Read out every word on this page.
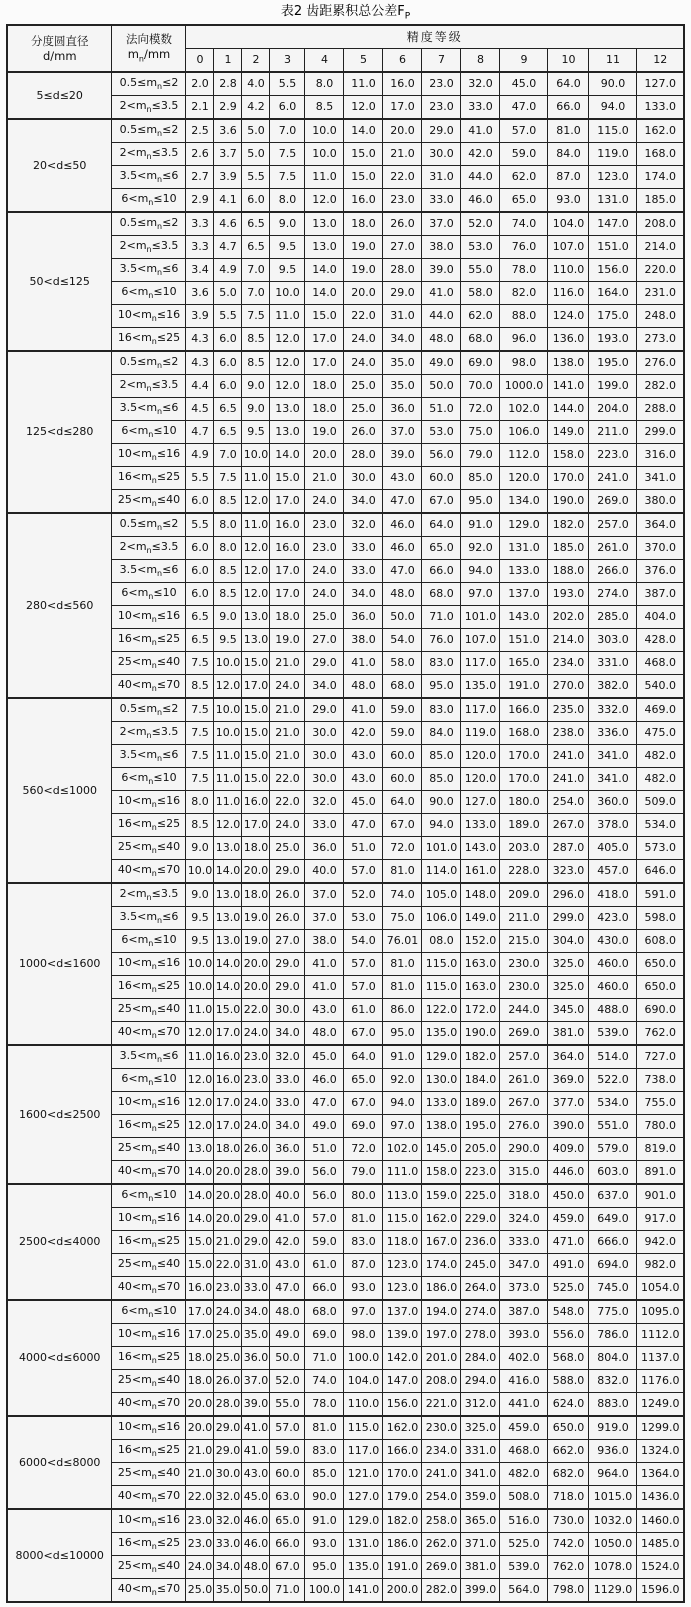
表2 齿距累积总公差$F_P$
分度圆直径
d/mm

法向模数
$m_n/mm$
	精度等级
		0	1	2	3	4	5	6	7	8	9	10	11	12
5≤d≤20	$0.5\le m_n\le 2$	2.0	2.8	4.0	5.5	8.0	11.0	16.0	23.0	32.0	45.0	64.0	90.0	127.0
	$2<m_n\le 3.5$	2.1	2.9	4.2	6.0	8.5	12.0	17.0	23.0	33.0	47.0	66.0	94.0	133.0
20<d≤50	$0.5\le m_n\le 2$	2.5	3.6	5.0	7.0	10.0	14.0	20.0	29.0	41.0	57.0	81.0	115.0	162.0
	$2<m_n\le 3.5$	2.6	3.7	5.0	7.5	10.0	15.0	21.0	30.0	42.0	59.0	84.0	119.0	168.0
	$3.5<m_n\le 6$	2.7	3.9	5.5	7.5	11.0	15.0	22.0	31.0	44.0	62.0	87.0	123.0	174.0
	$6<m_n\le 10$	2.9	4.1	6.0	8.0	12.0	16.0	23.0	33.0	46.0	65.0	93.0	131.0	185.0
50<d≤125	$0.5\le m_n\le 2$	3.3	4.6	6.5	9.0	13.0	18.0	26.0	37.0	52.0	74.0	104.0	147.0	208.0
	$2<m_n\le 3.5$	3.3	4.7	6.5	9.5	13.0	19.0	27.0	38.0	53.0	76.0	107.0	151.0	214.0
	$3.5<m_n\le 6$	3.4	4.9	7.0	9.5	14.0	19.0	28.0	39.0	55.0	78.0	110.0	156.0	220.0
	$6<m_n\le 10$	3.6	5.0	7.0	10.0	14.0	20.0	29.0	41.0	58.0	82.0	116.0	164.0	231.0
	$10<m_n\le 16$	3.9	5.5	7.5	11.0	15.0	22.0	31.0	44.0	62.0	88.0	124.0	175.0	248.0
	$16<m_n\le 25$	4.3	6.0	8.5	12.0	17.0	24.0	34.0	48.0	68.0	96.0	136.0	193.0	273.0
125<d≤280	$0.5\le m_n\le 2$	4.3	6.0	8.5	12.0	17.0	24.0	35.0	49.0	69.0	98.0	138.0	195.0	276.0
	$2<m_n\le 3.5$	4.4	6.0	9.0	12.0	18.0	25.0	35.0	50.0	70.0	1000.0	141.0	199.0	282.0
	$3.5<m_n\le 6$	4.5	6.5	9.0	13.0	18.0	25.0	36.0	51.0	72.0	102.0	144.0	204.0	288.0
	$6<m_n\le 10$	4.7	6.5	9.5	13.0	19.0	26.0	37.0	53.0	75.0	106.0	149.0	211.0	299.0
	$10<m_n\le 16$	4.9	7.0	10.0	14.0	20.0	28.0	39.0	56.0	79.0	112.0	158.0	223.0	316.0
	$16<m_n\le 25$	5.5	7.5	11.0	15.0	21.0	30.0	43.0	60.0	85.0	120.0	170.0	241.0	341.0
	$25<m_n\le 40$	6.0	8.5	12.0	17.0	24.0	34.0	47.0	67.0	95.0	134.0	190.0	269.0	380.0
280<d≤560	$0.5\le m_n\le 2$	5.5	8.0	11.0	16.0	23.0	32.0	46.0	64.0	91.0	129.0	182.0	257.0	364.0
	$2<m_n\le 3.5$	6.0	8.0	12.0	16.0	23.0	33.0	46.0	65.0	92.0	131.0	185.0	261.0	370.0
	$3.5<m_n\le 6$	6.0	8.5	12.0	17.0	24.0	33.0	47.0	66.0	94.0	133.0	188.0	266.0	376.0
	$6<m_n\le 10$	6.0	8.5	12.0	17.0	24.0	34.0	48.0	68.0	97.0	137.0	193.0	274.0	387.0
	$10<m_n\le 16$	6.5	9.0	13.0	18.0	25.0	36.0	50.0	71.0	101.0	143.0	202.0	285.0	404.0
	$16<m_n\le 25$	6.5	9.5	13.0	19.0	27.0	38.0	54.0	76.0	107.0	151.0	214.0	303.0	428.0
	$25<m_n\le 40$	7.5	10.0	15.0	21.0	29.0	41.0	58.0	83.0	117.0	165.0	234.0	331.0	468.0
	$40<m_n\le 70$	8.5	12.0	17.0	24.0	34.0	48.0	68.0	95.0	135.0	191.0	270.0	382.0	540.0
560<d≤1000	$0.5\le m_n\le 2$	7.5	10.0	15.0	21.0	29.0	41.0	59.0	83.0	117.0	166.0	235.0	332.0	469.0
	$2<m_n\le 3.5$	7.5	10.0	15.0	21.0	30.0	42.0	59.0	84.0	119.0	168.0	238.0	336.0	475.0
	$3.5<m_n\le 6$	7.5	11.0	15.0	21.0	30.0	43.0	60.0	85.0	120.0	170.0	241.0	341.0	482.0
	$6<m_n\le 10$	7.5	11.0	15.0	22.0	30.0	43.0	60.0	85.0	120.0	170.0	241.0	341.0	482.0
	$10<m_n\le 16$	8.0	11.0	16.0	22.0	32.0	45.0	64.0	90.0	127.0	180.0	254.0	360.0	509.0
	$16<m_n\le 25$	8.5	12.0	17.0	24.0	33.0	47.0	67.0	94.0	133.0	189.0	267.0	378.0	534.0
	$25<m_n\le 40$	9.0	13.0	18.0	25.0	36.0	51.0	72.0	101.0	143.0	203.0	287.0	405.0	573.0
	$40<m_n\le 70$	10.0	14.0	20.0	29.0	40.0	57.0	81.0	114.0	161.0	228.0	323.0	457.0	646.0
1000<d≤1600	$2<m_n\le 3.5$	9.0	13.0	18.0	26.0	37.0	52.0	74.0	105.0	148.0	209.0	296.0	418.0	591.0
	$3.5<m_n\le 6$	9.5	13.0	19.0	26.0	37.0	53.0	75.0	106.0	149.0	211.0	299.0	423.0	598.0
	$6<m_n\le 10$	9.5	13.0	19.0	27.0	38.0	54.0	76.01	08.0	152.0	215.0	304.0	430.0	608.0
	$10<m_n\le 16$	10.0	14.0	20.0	29.0	41.0	57.0	81.0	115.0	163.0	230.0	325.0	460.0	650.0
	$16<m_n\le 25$	10.0	14.0	20.0	29.0	41.0	57.0	81.0	115.0	163.0	230.0	325.0	460.0	650.0
	$25<m_n\le 40$	11.0	15.0	22.0	30.0	43.0	61.0	86.0	122.0	172.0	244.0	345.0	488.0	690.0
	$40<m_n\le 70$	12.0	17.0	24.0	34.0	48.0	67.0	95.0	135.0	190.0	269.0	381.0	539.0	762.0
1600<d≤2500	$3.5<m_n\le 6$	11.0	16.0	23.0	32.0	45.0	64.0	91.0	129.0	182.0	257.0	364.0	514.0	727.0
	$6<m_n\le 10$	12.0	16.0	23.0	33.0	46.0	65.0	92.0	130.0	184.0	261.0	369.0	522.0	738.0
	$10<m_n\le 16$	12.0	17.0	24.0	33.0	47.0	67.0	94.0	133.0	189.0	267.0	377.0	534.0	755.0
	$16<m_n\le 25$	12.0	17.0	24.0	34.0	49.0	69.0	97.0	138.0	195.0	276.0	390.0	551.0	780.0
	$25<m_n\le 40$	13.0	18.0	26.0	36.0	51.0	72.0	102.0	145.0	205.0	290.0	409.0	579.0	819.0
	$40<m_n\le 70$	14.0	20.0	28.0	39.0	56.0	79.0	111.0	158.0	223.0	315.0	446.0	603.0	891.0
2500<d≤4000	$6<m_n\le 10$	14.0	20.0	28.0	40.0	56.0	80.0	113.0	159.0	225.0	318.0	450.0	637.0	901.0
	$10<m_n\le 16$	14.0	20.0	29.0	41.0	57.0	81.0	115.0	162.0	229.0	324.0	459.0	649.0	917.0
	$16<m_n\le 25$	15.0	21.0	29.0	42.0	59.0	83.0	118.0	167.0	236.0	333.0	471.0	666.0	942.0
	$25<m_n\le 40$	15.0	22.0	31.0	43.0	61.0	87.0	123.0	174.0	245.0	347.0	491.0	694.0	982.0
	$40<m_n\le 70$	16.0	23.0	33.0	47.0	66.0	93.0	123.0	186.0	264.0	373.0	525.0	745.0	1054.0
4000<d≤6000	$6<m_n\le 10$	17.0	24.0	34.0	48.0	68.0	97.0	137.0	194.0	274.0	387.0	548.0	775.0	1095.0
	$10<m_n\le 16$	17.0	25.0	35.0	49.0	69.0	98.0	139.0	197.0	278.0	393.0	556.0	786.0	1112.0
	$16<m_n\le 25$	18.0	25.0	36.0	50.0	71.0	100.0	142.0	201.0	284.0	402.0	568.0	804.0	1137.0
	$25<m_n\le 40$	18.0	26.0	37.0	52.0	74.0	104.0	147.0	208.0	294.0	416.0	588.0	832.0	1176.0
	$40<m_n\le 70$	20.0	28.0	39.0	55.0	78.0	110.0	156.0	221.0	312.0	441.0	624.0	883.0	1249.0
6000<d≤8000	$10<m_n\le 16$	20.0	29.0	41.0	57.0	81.0	115.0	162.0	230.0	325.0	459.0	650.0	919.0	1299.0
	$16<m_n\le 25$	21.0	29.0	41.0	59.0	83.0	117.0	166.0	234.0	331.0	468.0	662.0	936.0	1324.0
	$25<m_n\le 40$	21.0	30.0	43.0	60.0	85.0	121.0	170.0	241.0	341.0	482.0	682.0	964.0	1364.0
	$40<m_n\le 70$	22.0	32.0	45.0	63.0	90.0	127.0	179.0	254.0	359.0	508.0	718.0	1015.0	1436.0
8000<d≤10000	$10<m_n\le 16$	23.0	32.0	46.0	65.0	91.0	129.0	182.0	258.0	365.0	516.0	730.0	1032.0	1460.0
	$16<m_n\le 25$	23.0	33.0	46.0	66.0	93.0	131.0	186.0	262.0	371.0	525.0	742.0	1050.0	1485.0
	$25<m_n\le 40$	24.0	34.0	48.0	67.0	95.0	135.0	191.0	269.0	381.0	539.0	762.0	1078.0	1524.0
	$40<m_n\le 70$	25.0	35.0	50.0	71.0	100.0	141.0	200.0	282.0	399.0	564.0	798.0	1129.0	1596.0
